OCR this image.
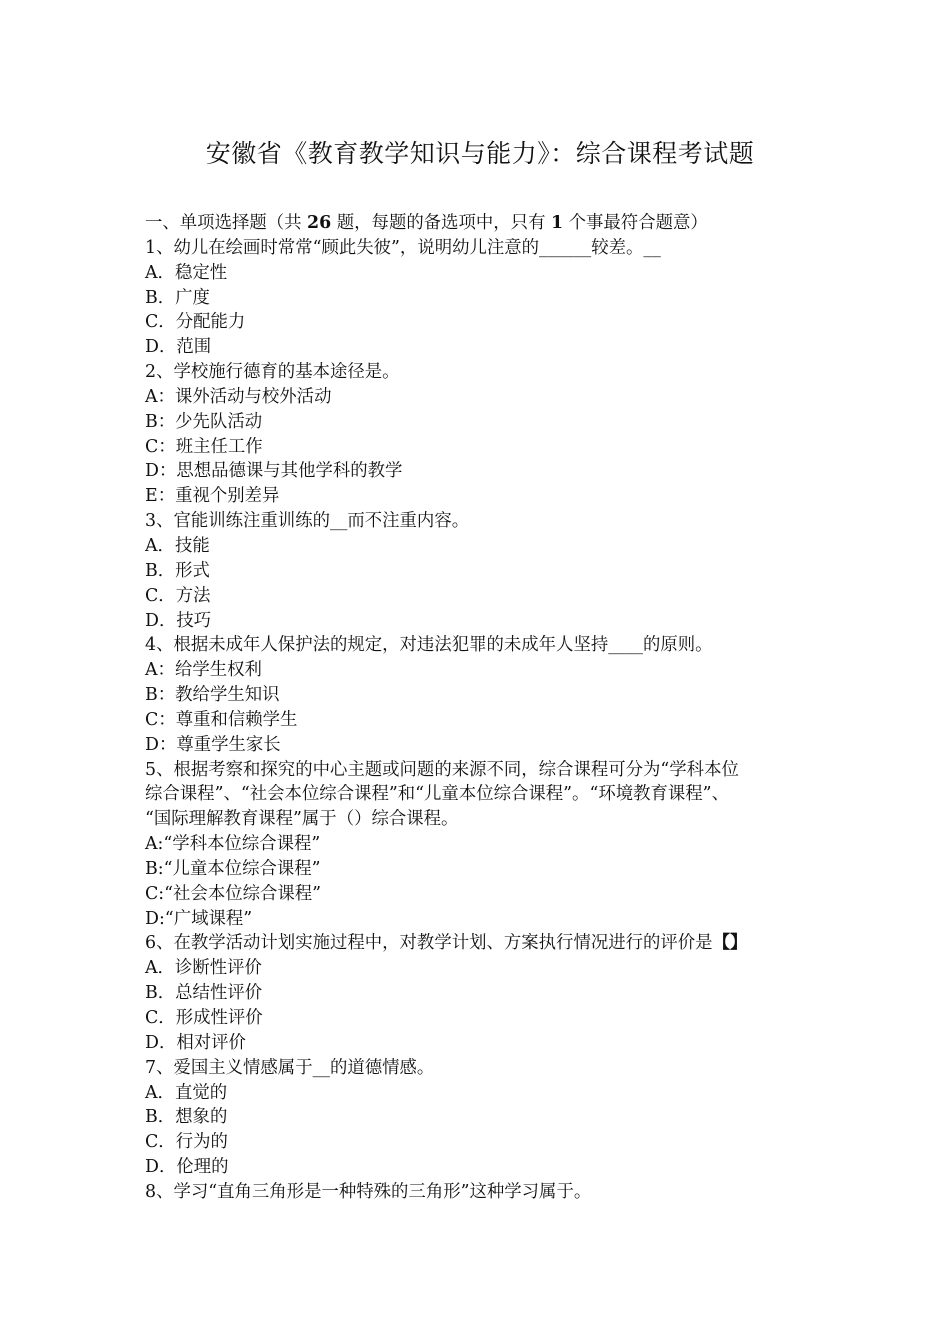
安徽省《教育教学知识与能力》：综合课程考试题
一、单项选择题（共 26 题，每题的备选项中，只有 1 个事最符合题意）
1、幼儿在绘画时常常“顾此失彼”，说明幼儿注意的______较差。__
A．稳定性
B．广度
C．分配能力
D．范围
2、学校施行德育的基本途径是。
A：课外活动与校外活动
B：少先队活动
C：班主任工作
D：思想品德课与其他学科的教学
E：重视个别差异
3、官能训练注重训练的__而不注重内容。
A．技能
B．形式
C．方法
D．技巧
4、根据未成年人保护法的规定，对违法犯罪的未成年人坚持____的原则。
A：给学生权利
B：教给学生知识
C：尊重和信赖学生
D：尊重学生家长
5、根据考察和探究的中心主题或问题的来源不同，综合课程可分为“学科本位
综合课程”、“社会本位综合课程”和“儿童本位综合课程”。“环境教育课程”、
“国际理解教育课程”属于（）综合课程。
A:“学科本位综合课程”
B:“儿童本位综合课程”
C:“社会本位综合课程”
D:“广域课程”
6、在教学活动计划实施过程中，对教学计划、方案执行情况进行的评价是【】
A．诊断性评价
B．总结性评价
C．形成性评价
D．相对评价
7、爱国主义情感属于__的道德情感。
A．直觉的
B．想象的
C．行为的
D．伦理的
8、学习“直角三角形是一种特殊的三角形”这种学习属于。
